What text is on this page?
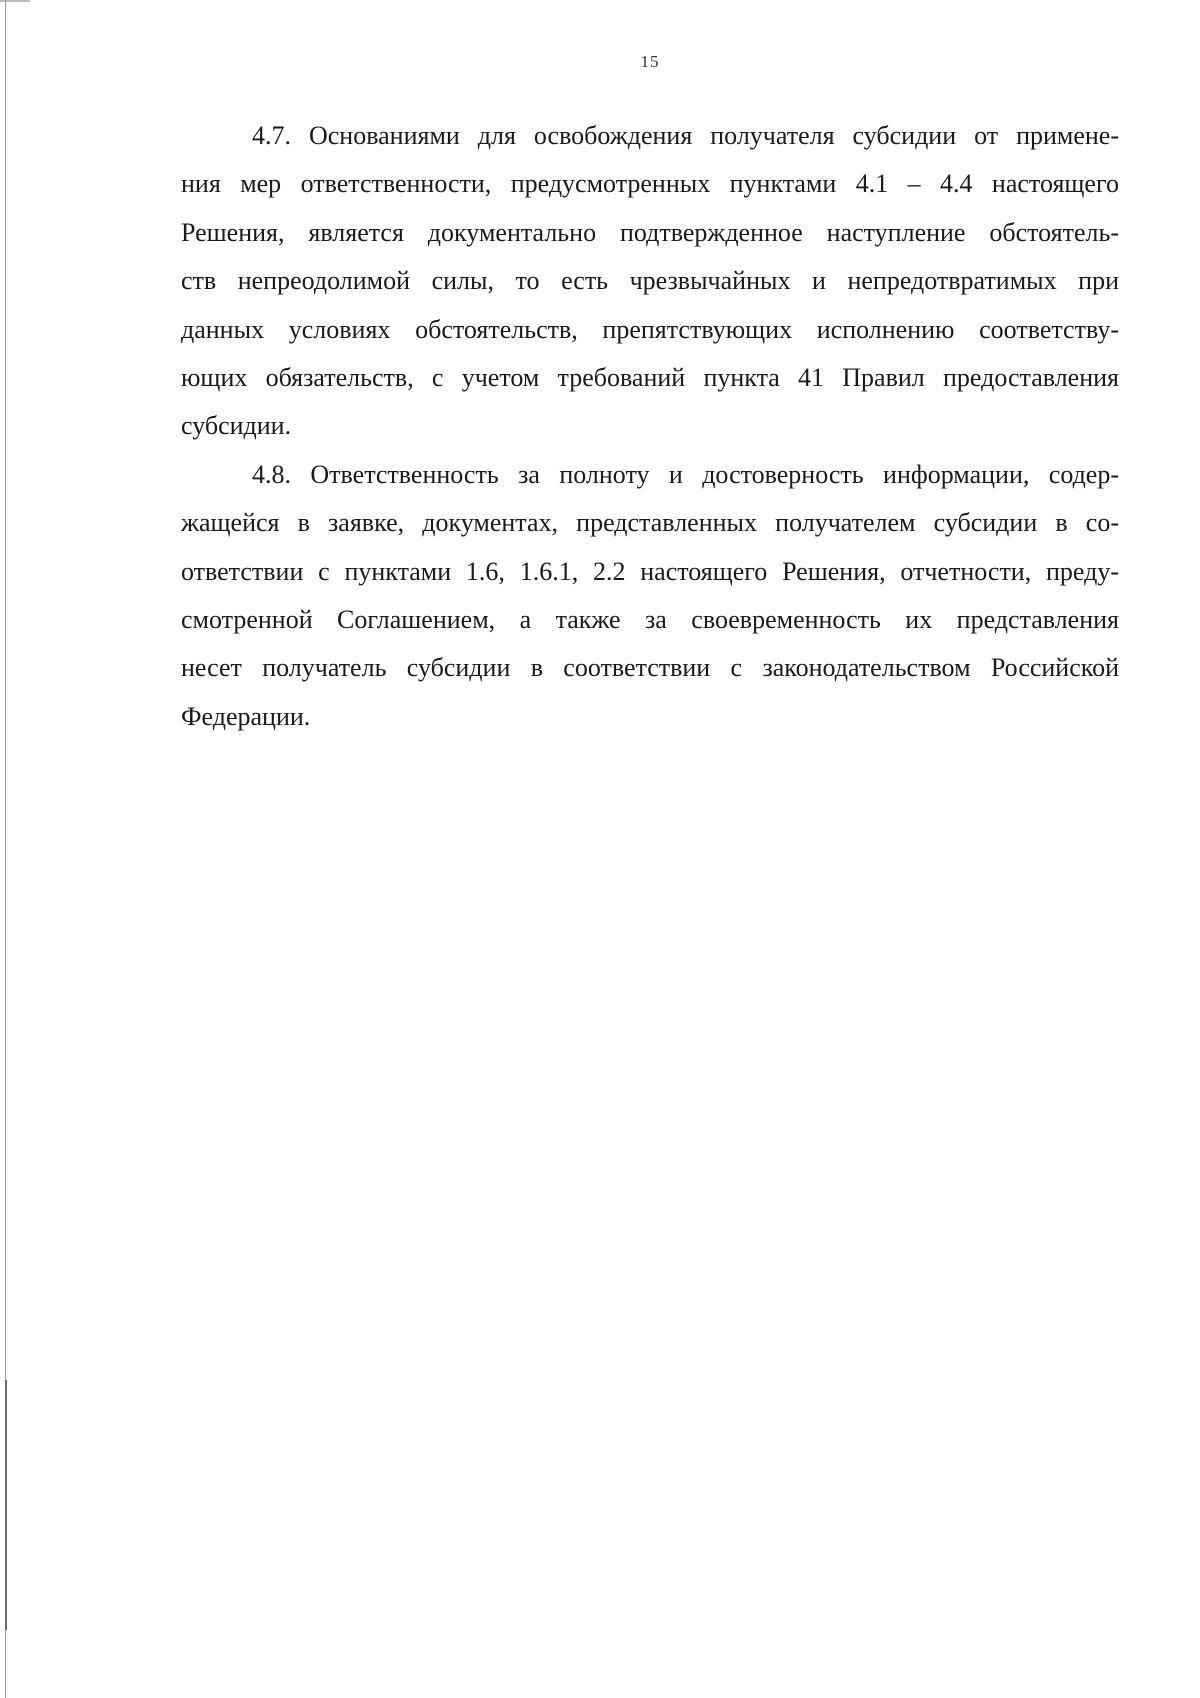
15

4.7. Основаниями для освобождения получателя субсидии от примене-
ния мер ответственности, предусмотренных пунктами 4.1 – 4.4 настоящего
Решения, является документально подтвержденное наступление обстоятель-
ств непреодолимой силы, то есть чрезвычайных и непредотвратимых при
данных условиях обстоятельств, препятствующих исполнению соответству-
ющих обязательств, с учетом требований пункта 41 Правил предоставления
субсидии.

4.8. Ответственность за полноту и достоверность информации, содер-
жащейся в заявке, документах, представленных получателем субсидии в со-
ответствии с пунктами 1.6, 1.6.1, 2.2 настоящего Решения, отчетности, преду-
смотренной Соглашением, а также за своевременность их представления
несет получатель субсидии в соответствии с законодательством Российской
Федерации.
